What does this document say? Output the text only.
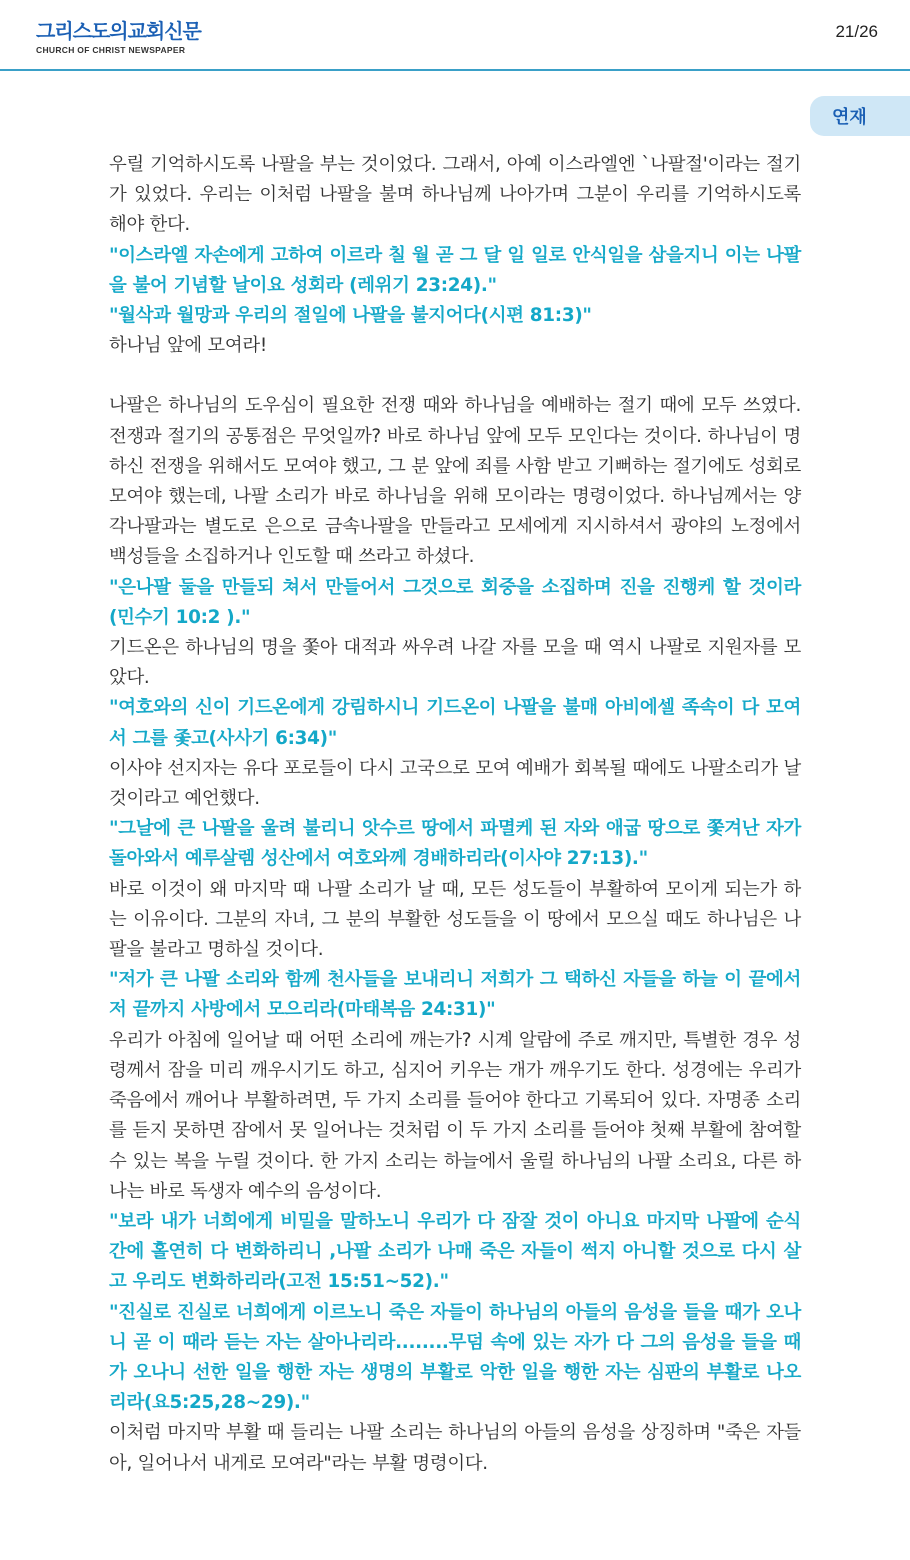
그리스도의교회신문
CHURCH OF CHRIST NEWSPAPER
21/26
연재

우릴 기억하시도록 나팔을 부는 것이었다. 그래서, 아예 이스라엘엔 `나팔절'이라는 절기가 있었다. 우리는 이처럼 나팔을 불며 하나님께 나아가며 그분이 우리를 기억하시도록 해야 한다.

"이스라엘 자손에게 고하여 이르라 칠 월 곧 그 달 일 일로 안식일을 삼을지니 이는 나팔을 불어 기념할 날이요 성회라 (레위기 23:24)."

"월삭과 월망과 우리의 절일에 나팔을 불지어다(시편 81:3)"

하나님 앞에 모여라!

나팔은 하나님의 도우심이 필요한 전쟁 때와 하나님을 예배하는 절기 때에 모두 쓰였다. 전쟁과 절기의 공통점은 무엇일까? 바로 하나님 앞에 모두 모인다는 것이다. 하나님이 명하신 전쟁을 위해서도 모여야 했고, 그 분 앞에 죄를 사함 받고 기뻐하는 절기에도 성회로 모여야 했는데, 나팔 소리가 바로 하나님을 위해 모이라는 명령이었다. 하나님께서는 양각나팔과는 별도로 은으로 금속나팔을 만들라고 모세에게 지시하셔서 광야의 노정에서 백성들을 소집하거나 인도할 때 쓰라고 하셨다.

"은나팔 둘을 만들되 쳐서 만들어서 그것으로 회중을 소집하며 진을 진행케 할 것이라(민수기 10:2 )."

기드온은 하나님의 명을 쫓아 대적과 싸우려 나갈 자를 모을 때 역시 나팔로 지원자를 모았다.

"여호와의 신이 기드온에게 강림하시니 기드온이 나팔을 불매 아비에셀 족속이 다 모여서 그를 좇고(사사기 6:34)"

이사야 선지자는 유다 포로들이 다시 고국으로 모여 예배가 회복될 때에도 나팔소리가 날 것이라고 예언했다.

"그날에 큰 나팔을 울려 불리니 앗수르 땅에서 파멸케 된 자와 애굽 땅으로 쫓겨난 자가 돌아와서 예루살렘 성산에서 여호와께 경배하리라(이사야 27:13)."

바로 이것이 왜 마지막 때 나팔 소리가 날 때, 모든 성도들이 부활하여 모이게 되는가 하는 이유이다. 그분의 자녀, 그 분의 부활한 성도들을 이 땅에서 모으실 때도 하나님은 나팔을 불라고 명하실 것이다.

"저가 큰 나팔 소리와 함께 천사들을 보내리니 저희가 그 택하신 자들을 하늘 이 끝에서 저 끝까지 사방에서 모으리라(마태복음 24:31)"

우리가 아침에 일어날 때 어떤 소리에 깨는가? 시계 알람에 주로 깨지만, 특별한 경우 성령께서 잠을 미리 깨우시기도 하고, 심지어 키우는 개가 깨우기도 한다. 성경에는 우리가 죽음에서 깨어나 부활하려면, 두 가지 소리를 들어야 한다고 기록되어 있다. 자명종 소리를 듣지 못하면 잠에서 못 일어나는 것처럼 이 두 가지 소리를 들어야 첫째 부활에 참여할 수 있는 복을 누릴 것이다. 한 가지 소리는 하늘에서 울릴 하나님의 나팔 소리요, 다른 하나는 바로 독생자 예수의 음성이다.

"보라 내가 너희에게 비밀을 말하노니 우리가 다 잠잘 것이 아니요 마지막 나팔에 순식간에 홀연히 다 변화하리니 ,나팔 소리가 나매 죽은 자들이 썩지 아니할 것으로 다시 살고 우리도 변화하리라(고전 15:51~52)."

"진실로 진실로 너희에게 이르노니 죽은 자들이 하나님의 아들의 음성을 들을 때가 오나니 곧 이 때라 듣는 자는 살아나리라........무덤 속에 있는 자가 다 그의 음성을 들을 때가 오나니 선한 일을 행한 자는 생명의 부활로 악한 일을 행한 자는 심판의 부활로 나오리라(요5:25,28~29)."

이처럼 마지막 부활 때 들리는 나팔 소리는 하나님의 아들의 음성을 상징하며 "죽은 자들아, 일어나서 내게로 모여라"라는 부활 명령이다.
